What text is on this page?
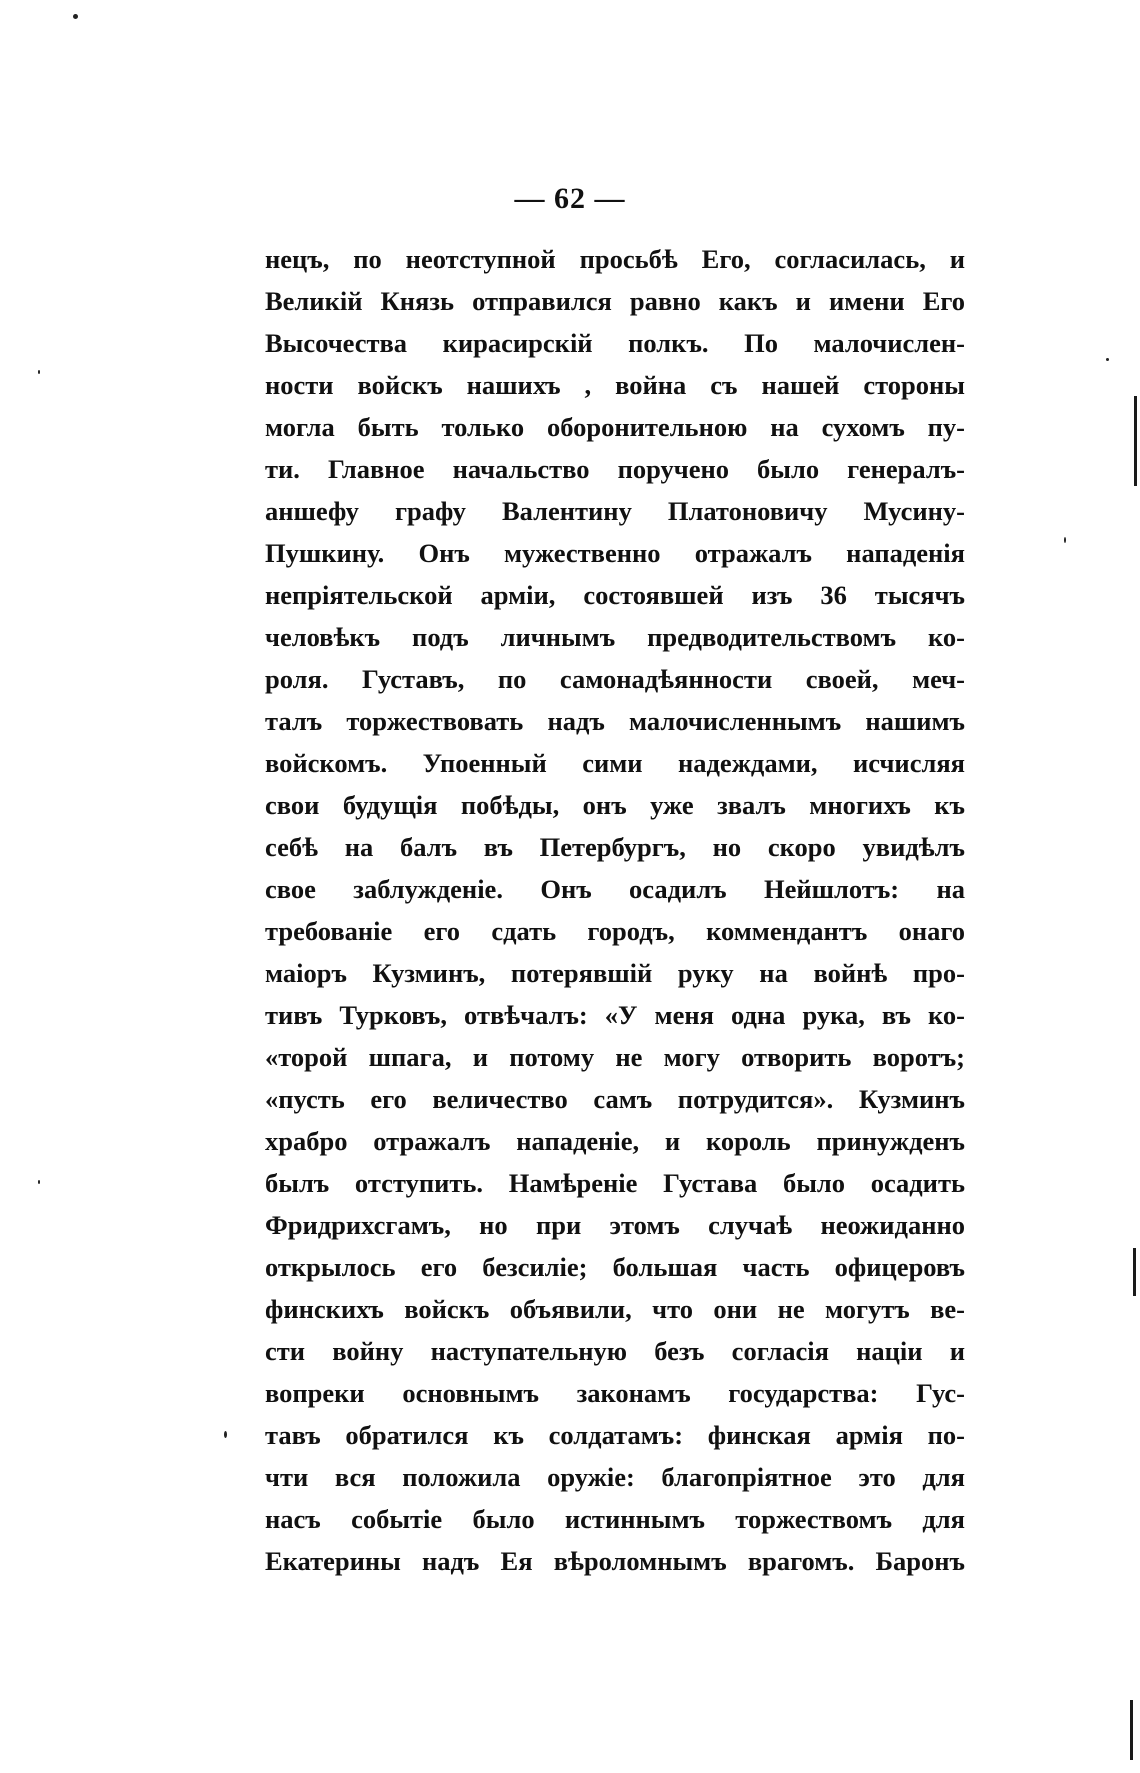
— 62 —
нецъ, по неотступной просьбѣ Его, согласилась, и
Великій Князь отправился равно какъ и имени Его
Высочества кирасирскій полкъ. По малочислен-
ности войскъ нашихъ , война съ нашей стороны
могла быть только оборонительною на сухомъ пу-
ти. Главное начальство поручено было генералъ-
аншефу графу Валентину Платоновичу Мусину-
Пушкину. Онъ мужественно отражалъ нападенія
непріятельской арміи, состоявшей изъ 36 тысячъ
человѣкъ подъ личнымъ предводительствомъ ко-
роля. Густавъ, по самонадѣянности своей, меч-
талъ торжествовать надъ малочисленнымъ нашимъ
войскомъ. Упоенный сими надеждами, исчисляя
свои будущія побѣды, онъ уже звалъ многихъ къ
себѣ на балъ въ Петербургъ, но скоро увидѣлъ
свое заблужденіе. Онъ осадилъ Нейшлотъ: на
требованіе его сдать городъ, коммендантъ онаго
маіоръ Кузминъ, потерявшій руку на войнѣ про-
тивъ Турковъ, отвѣчалъ: «У меня одна рука, въ ко-
«торой шпага, и потому не могу отворить воротъ;
«пусть его величество самъ потрудится». Кузминъ
храбро отражалъ нападеніе, и король принужденъ
былъ отступить. Намѣреніе Густава было осадить
Фридрихсгамъ, но при этомъ случаѣ неожиданно
открылось его безсиліе; большая часть офицеровъ
финскихъ войскъ объявили, что они не могутъ ве-
сти войну наступательную безъ согласія націи и
вопреки основнымъ законамъ государства: Гус-
тавъ обратился къ солдатамъ: финская армія по-
чти вся положила оружіе: благопріятное это для
насъ событіе было истиннымъ торжествомъ для
Екатерины надъ Ея вѣроломнымъ врагомъ. Баронъ
